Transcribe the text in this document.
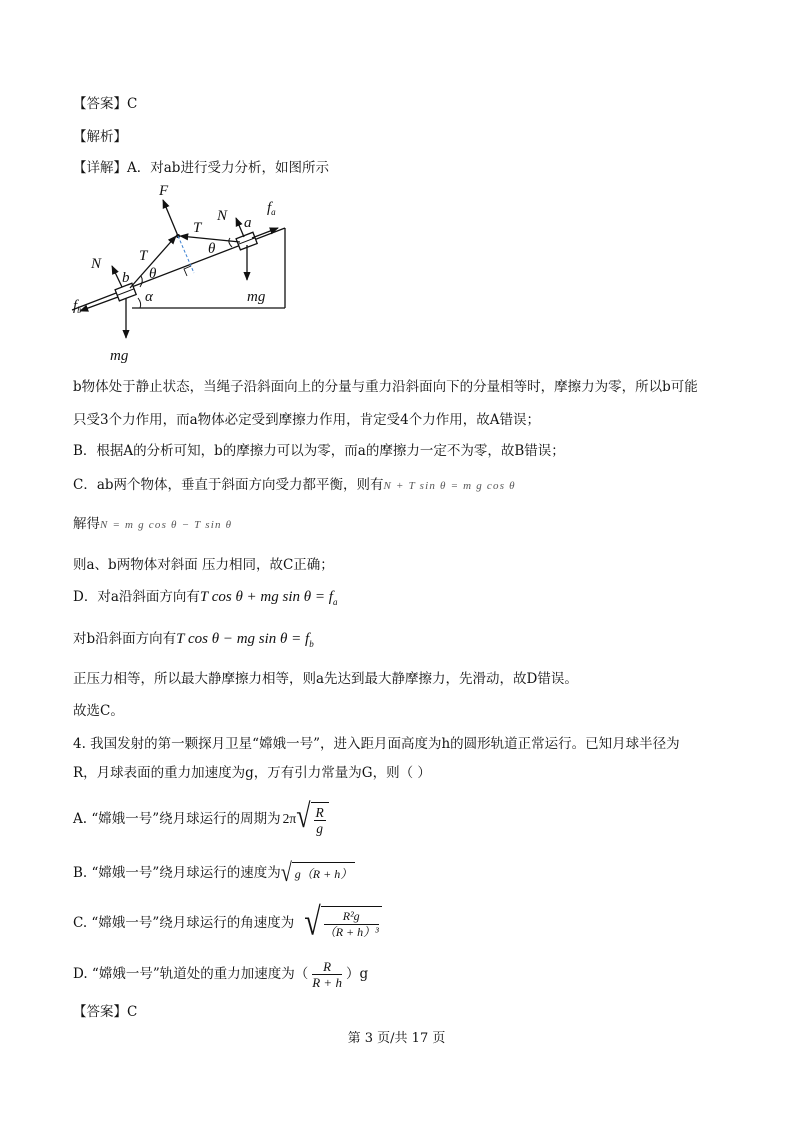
【答案】C
【解析】
【详解】A．对ab进行受力分析，如图所示
F
T
N a
$f_a$
θ
N
b
T
θ
α	mg
$f_b$
mg
b物体处于静止状态，当绳子沿斜面向上的分量与重力沿斜面向下的分量相等时，摩擦力为零，所以b可能
只受3个力作用，而a物体必定受到摩擦力作用，肯定受4个力作用，故A错误；
B．根据A的分析可知，b的摩擦力可以为零，而a的摩擦力一定不为零，故B错误；
C．ab两个物体，垂直于斜面方向受力都平衡，则有N + T sin θ = m g cos θ
解得N = m g cos θ − T sin θ
则a、b两物体对斜面 压力相同，故C正确；
D．对a沿斜面方向有T cos θ + mg $\sin \theta = f_a$
对b沿斜面方向有T cos θ − mg $\sin \theta = f_b$
正压力相等，所以最大静摩擦力相等，则a先达到最大静摩擦力，先滑动，故D错误。
故选C。
4. 我国发射的第一颗探月卫星“嫦娥一号”，进入距月面高度为h的圆形轨道正常运行。已知月球半径为
R，月球表面的重力加速度为g，万有引力常量为G，则（ ）
A. “嫦娥一号”绕月球运行的周期为 2π √ $\frac{R}{g}$
B. “嫦娥一号”绕月球运行的速度为 √ g（R + h）
C. “嫦娥一号”绕月球运行的角速度为 √ $\frac{\text{R²g}}{\text{（R + h）³}}$
D. “嫦娥一号”轨道处的重力加速度为（ $\frac{R}{R + h} )g$
【答案】C
第 3 页/共 17 页
